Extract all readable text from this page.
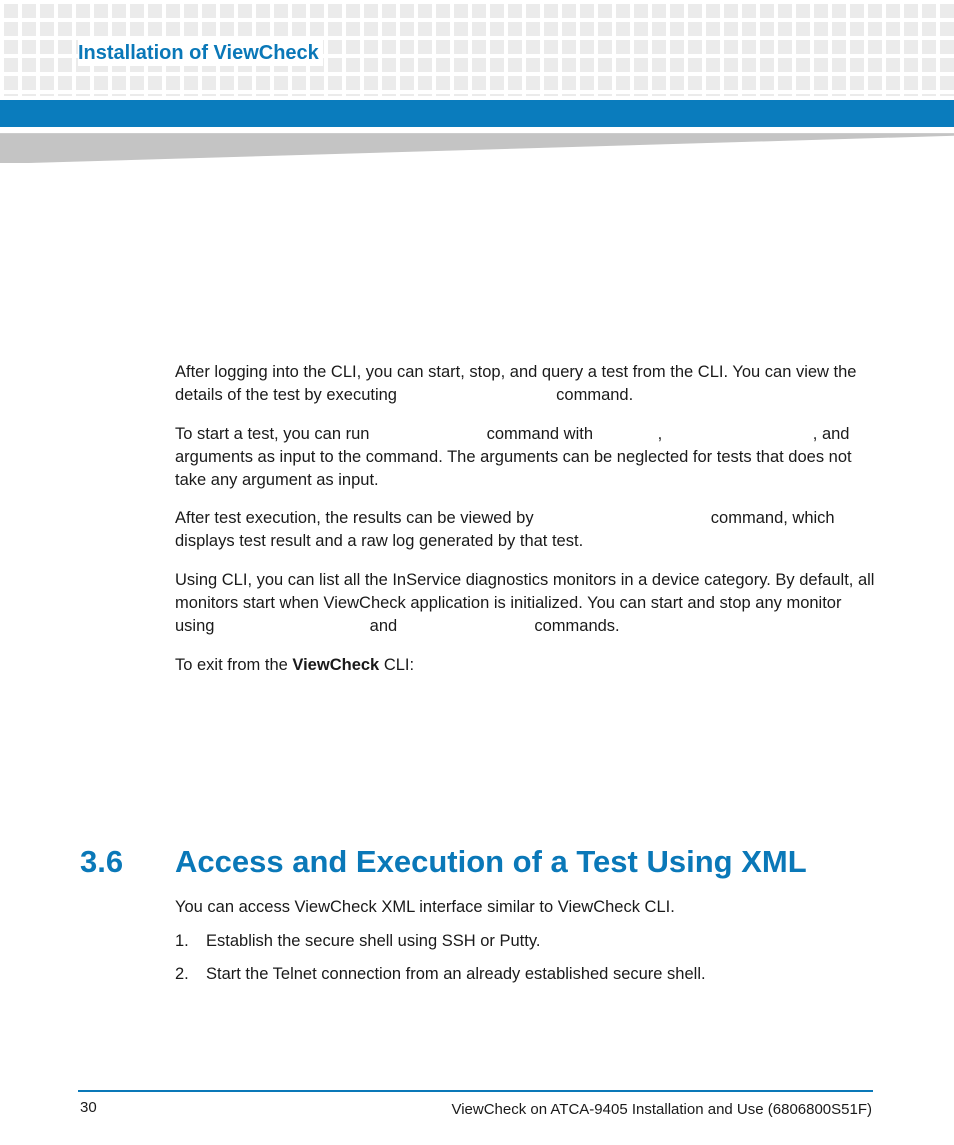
Installation of ViewCheck

After logging into the CLI, you can start, stop, and query a test from the CLI. You can view the details of the test by executing	command.

To start a test, you can run	command with	,	, and arguments as input to the command. The arguments can be neglected for tests that does not take any argument as input.

After test execution, the results can be viewed by	command, which displays test result and a raw log generated by that test.

Using CLI, you can list all the InService diagnostics monitors in a device category. By default, all monitors start when ViewCheck application is initialized. You can start and stop any monitor using	and	commands.

To exit from the ViewCheck CLI:

3.6 Access and Execution of a Test Using XML

You can access ViewCheck XML interface similar to ViewCheck CLI.

1. Establish the secure shell using SSH or Putty.
2. Start the Telnet connection from an already established secure shell.
30	ViewCheck on ATCA-9405 Installation and Use (6806800S51F)
